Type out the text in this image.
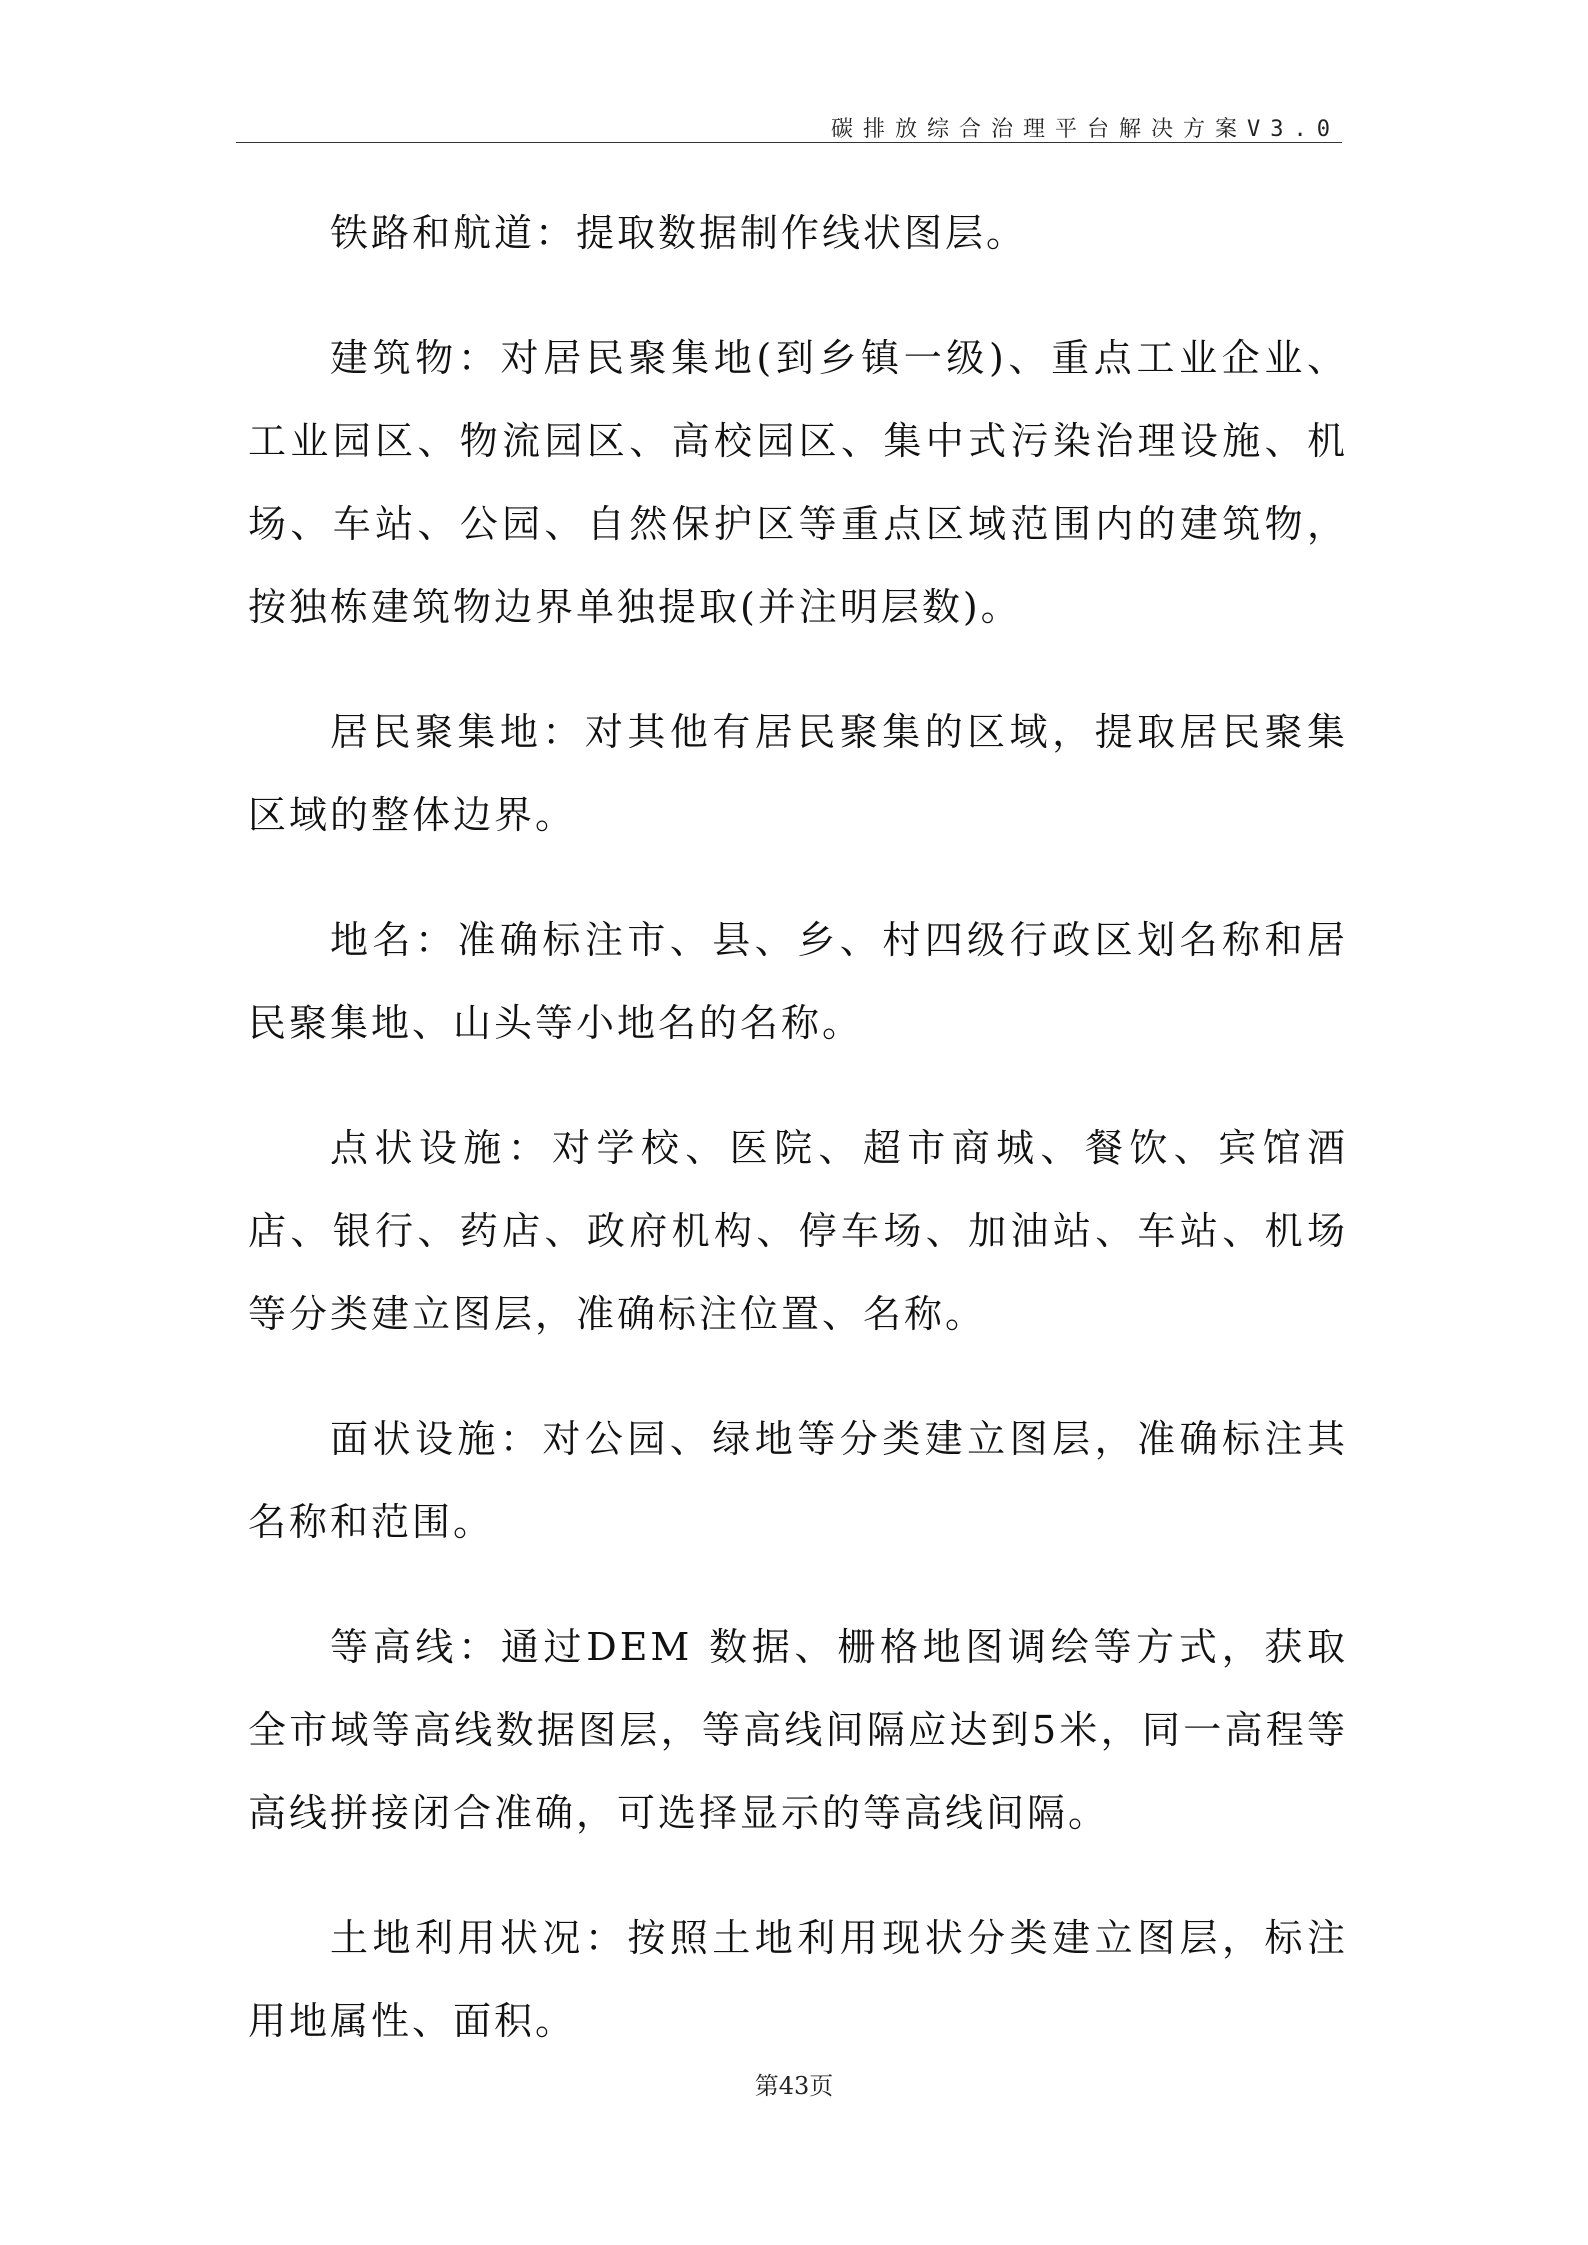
碳排放综合治理平台解决方案V3.0

铁路和航道：提取数据制作线状图层。

建筑物：对居民聚集地(到乡镇一级)、重点工业企业、工业园区、物流园区、高校园区、集中式污染治理设施、机场、车站、公园、自然保护区等重点区域范围内的建筑物，按独栋建筑物边界单独提取(并注明层数)。

居民聚集地：对其他有居民聚集的区域，提取居民聚集区域的整体边界。

地名：准确标注市、县、乡、村四级行政区划名称和居民聚集地、山头等小地名的名称。

点状设施：对学校、医院、超市商城、餐饮、宾馆酒店、银行、药店、政府机构、停车场、加油站、车站、机场等分类建立图层，准确标注位置、名称。

面状设施：对公园、绿地等分类建立图层，准确标注其名称和范围。

等高线：通过DEM 数据、栅格地图调绘等方式，获取全市域等高线数据图层，等高线间隔应达到5米，同一高程等高线拼接闭合准确，可选择显示的等高线间隔。

土地利用状况：按照土地利用现状分类建立图层，标注用地属性、面积。

第43页
